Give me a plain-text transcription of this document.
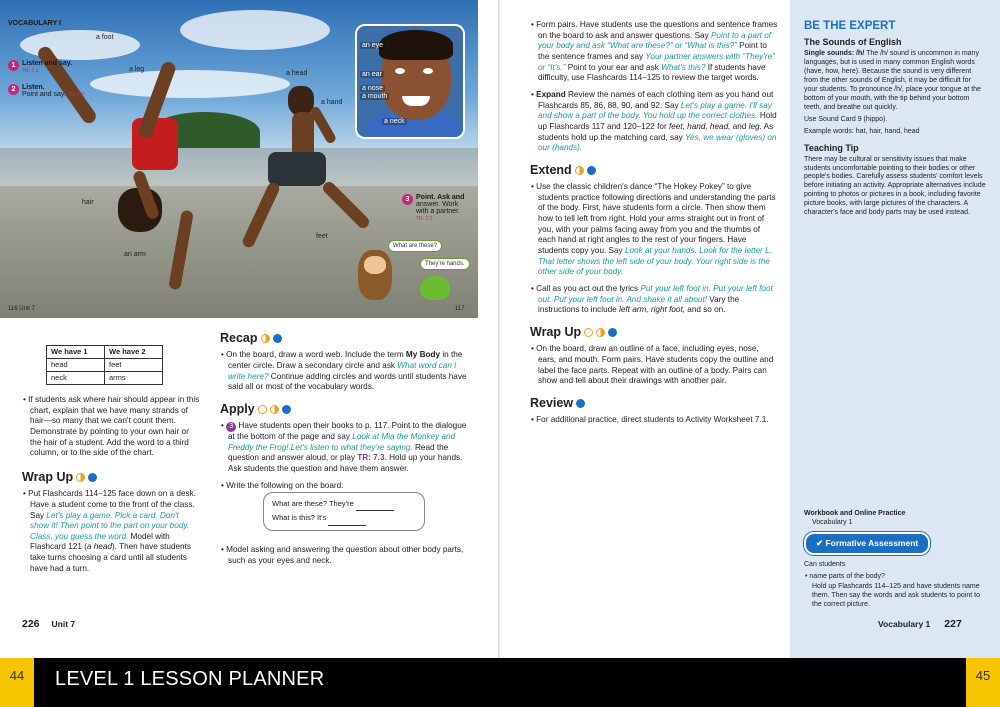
VOCABULARY I
1 Listen and say.
TR: 7.1
2 Listen.
Point and say. TR: 7.2
a foot
a leg
a head
a hand
hair
an arm
feet
an eye
an ear
a nose
a mouth
a neck
3 Point. Ask and
answer. Work
with a partner.
TR: 7.3
What are these?
They're hands.
116 Unit 7	117
We have 1	We have 2
head	feet
neck	arms
• If students ask where hair should appear in this chart, explain that we have many strands of hair—so many that we can't count them. Demonstrate by pointing to your own hair or the hair of a student. Add the word to a third column, or to the side of the chart.
Wrap Up
• Put Flashcards 114–125 face down on a desk. Have a student come to the front of the class. Say Let's play a game. Pick a card. Don't show it! Then point to the part on your body. Class, you guess the word. Model with Flashcard 121 (a head). Then have students take turns choosing a card until all students have had a turn.
Recap
• On the board, draw a word web. Include the term My Body in the center circle. Draw a secondary circle and ask What word can I write here? Continue adding circles and words until students have said all or most of the vocabulary words.
Apply
• 3 Have students open their books to p. 117. Point to the dialogue at the bottom of the page and say Look at Mia the Monkey and Freddy the Frog! Let's listen to what they're saying. Read the question and answer aloud, or play TR: 7.3. Hold up your hands. Ask students the question and have them answer.
• Write the following on the board:
• Model asking and answering the question about other body parts, such as your eyes and neck.
What are these? They're
What is this? It's
226 Unit 7
• Form pairs. Have students use the questions and sentence frames on the board to ask and answer questions. Say Point to a part of your body and ask “What are these?” or “What is this?” Point to the sentence frames and say Your partner answers with “They're” or “It's.” Point to your ear and ask What's this? If students have difficulty, use Flashcards 114–125 to review the target words.
• Expand Review the names of each clothing item as you hand out Flashcards 85, 86, 88, 90, and 92. Say Let's play a game. I'll say and show a part of the body. You hold up the correct clothes. Hold up Flashcards 117 and 120–122 for feet, hand, head, and leg. As students hold up the matching card, say Yes, we wear (gloves) on our (hands).
Extend
• Use the classic children's dance “The Hokey Pokey” to give students practice following directions and understanding the parts of the body. First, have students form a circle. Then show them how to tell left from right. Hold your arms straight out in front of you, with your palms facing away from you and the thumbs of each hand at right angles to the rest of your fingers. Have students copy you. Say Look at your hands. Look for the letter L. That letter shows the left side of your body. Your right side is the other side of your body.
• Call as you act out the lyrics Put your left foot in. Put your left foot out. Put your left foot in. And shake it all about! Vary the instructions to include left arm, right foot, and so on.
Wrap Up
• On the board, draw an outline of a face, including eyes, nose, ears, and mouth. Form pairs. Have students copy the outline and label the face parts. Repeat with an outline of a body. Pairs can show and tell about their drawings with another pair.
Review
• For additional practice, direct students to Activity Worksheet 7.1.
BE THE EXPERT
The Sounds of English

Single sounds: /h/ The /h/ sound is uncommon in many languages, but is used in many common English words (have, how, here). Because the sound is very different from the other sounds of English, it may be difficult for your students. To pronounce /h/, place your tongue at the bottom of your mouth, with the tip behind your bottom teeth, and breathe out quickly.

Use Sound Card 9 (hippo).

Example words: hat, hair, hand, head

Teaching Tip

There may be cultural or sensitivity issues that make students uncomfortable pointing to their bodies or other people's bodies. Carefully assess students' comfort levels before initiating an activity. Appropriate alternatives include pointing to photos or pictures in a book, including favorite picture books, with large pictures of the characters. A character's face and body parts may be used instead.

Workbook and Online Practice

Vocabulary 1

✔ Formative Assessment

Can students

• name parts of the body?

Hold up Flashcards 114–125 and have students name them. Then say the words and ask students to point to the correct picture.

Vocabulary 1 227
44	LEVEL 1 LESSON PLANNER	45
